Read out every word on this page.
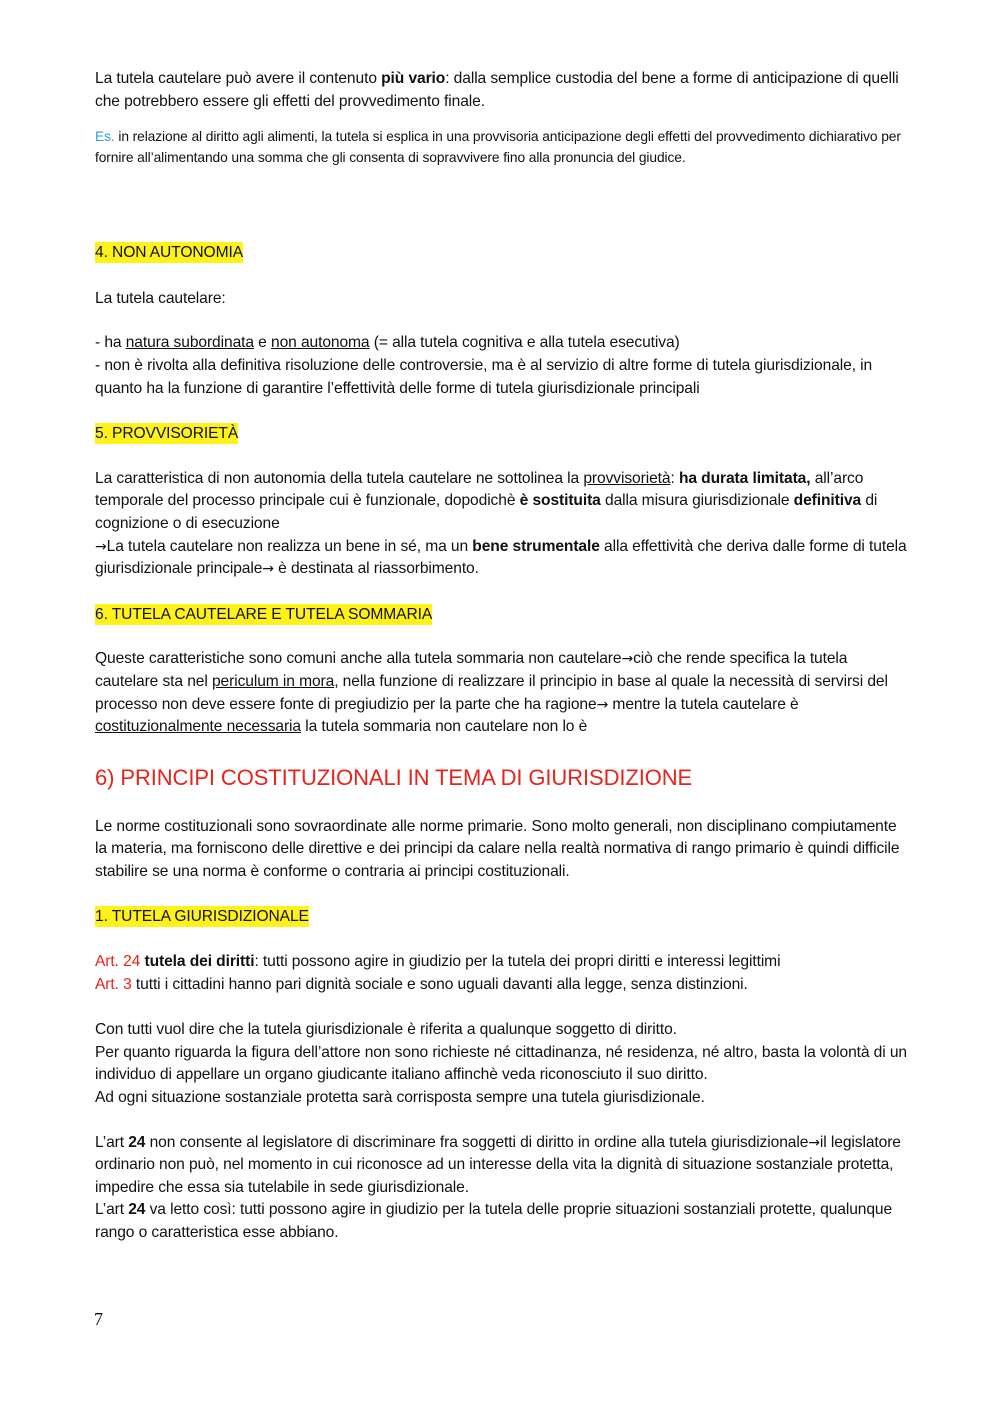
La tutela cautelare può avere il contenuto più vario: dalla semplice custodia del bene a forme di anticipazione di quelli che potrebbero essere gli effetti del provvedimento finale.

Es. in relazione al diritto agli alimenti, la tutela si esplica in una provvisoria anticipazione degli effetti del provvedimento dichiarativo per fornire all’alimentando una somma che gli consenta di sopravvivere fino alla pronuncia del giudice.

4. NON AUTONOMIA

La tutela cautelare:

- ha natura subordinata e non autonoma (= alla tutela cognitiva e alla tutela esecutiva)

- non è rivolta alla definitiva risoluzione delle controversie, ma è al servizio di altre forme di tutela giurisdizionale, in quanto ha la funzione di garantire l’effettività delle forme di tutela giurisdizionale principali

5. PROVVISORIETÀ

La caratteristica di non autonomia della tutela cautelare ne sottolinea la provvisorietà: ha durata limitata, all’arco temporale del processo principale cui è funzionale, dopodichè è sostituita dalla misura giurisdizionale definitiva di cognizione o di esecuzione

→La tutela cautelare non realizza un bene in sé, ma un bene strumentale alla effettività che deriva dalle forme di tutela giurisdizionale principale→ è destinata al riassorbimento.

6. TUTELA CAUTELARE E TUTELA SOMMARIA

Queste caratteristiche sono comuni anche alla tutela sommaria non cautelare→ciò che rende specifica la tutela cautelare sta nel periculum in mora, nella funzione di realizzare il principio in base al quale la necessità di servirsi del processo non deve essere fonte di pregiudizio per la parte che ha ragione→ mentre la tutela cautelare è costituzionalmente necessaria la tutela sommaria non cautelare non lo è

6) PRINCIPI COSTITUZIONALI IN TEMA DI GIURISDIZIONE

Le norme costituzionali sono sovraordinate alle norme primarie. Sono molto generali, non disciplinano compiutamente la materia, ma forniscono delle direttive e dei principi da calare nella realtà normativa di rango primario è quindi difficile stabilire se una norma è conforme o contraria ai principi costituzionali.

1. TUTELA GIURISDIZIONALE

Art. 24 tutela dei diritti: tutti possono agire in giudizio per la tutela dei propri diritti e interessi legittimi

Art. 3 tutti i cittadini hanno pari dignità sociale e sono uguali davanti alla legge, senza distinzioni.

Con tutti vuol dire che la tutela giurisdizionale è riferita a qualunque soggetto di diritto.

Per quanto riguarda la figura dell’attore non sono richieste né cittadinanza, né residenza, né altro, basta la volontà di un individuo di appellare un organo giudicante italiano affinchè veda riconosciuto il suo diritto.

Ad ogni situazione sostanziale protetta sarà corrisposta sempre una tutela giurisdizionale.

L’art 24 non consente al legislatore di discriminare fra soggetti di diritto in ordine alla tutela giurisdizionale→il legislatore ordinario non può, nel momento in cui riconosce ad un interesse della vita la dignità di situazione sostanziale protetta, impedire che essa sia tutelabile in sede giurisdizionale.

L’art 24 va letto così: tutti possono agire in giudizio per la tutela delle proprie situazioni sostanziali protette, qualunque rango o caratteristica esse abbiano.

7
